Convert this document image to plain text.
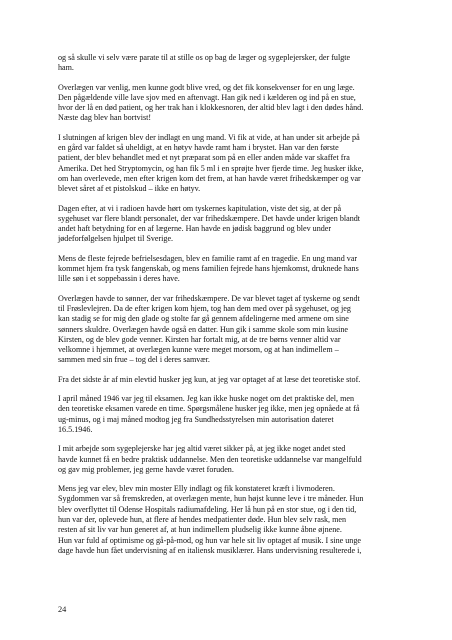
og så skulle vi selv være parate til at stille os op bag de læger og sygeplejersker, der fulgte
ham.

Overlægen var venlig, men kunne godt blive vred, og det fik konsekvenser for en ung læge.
Den pågældende ville lave sjov med en aftenvagt. Han gik ned i kælderen og ind på en stue,
hvor der lå en død patient, og her trak han i klokkesnoren, der altid blev lagt i den dødes hånd.
Næste dag blev han bortvist!

I slutningen af krigen blev der indlagt en ung mand. Vi fik at vide, at han under sit arbejde på
en gård var faldet så uheldigt, at en høtyv havde ramt ham i brystet. Han var den første
patient, der blev behandlet med et nyt præparat som på en eller anden måde var skaffet fra
Amerika. Det hed Stryptomycin, og han fik 5 ml i en sprøjte hver fjerde time. Jeg husker ikke,
om han overlevede, men efter krigen kom det frem, at han havde været frihedskæmper og var
blevet såret af et pistolskud – ikke en høtyv.

Dagen efter, at vi i radioen havde hørt om tyskernes kapitulation, viste det sig, at der på
sygehuset var flere blandt personalet, der var frihedskæmpere. Det havde under krigen blandt
andet haft betydning for en af lægerne. Han havde en jødisk baggrund og blev under
jødeforfølgelsen hjulpet til Sverige.

Mens de fleste fejrede befrielsesdagen, blev en familie ramt af en tragedie. En ung mand var
kommet hjem fra tysk fangenskab, og mens familien fejrede hans hjemkomst, druknede hans
lille søn i et soppebassin i deres have.

Overlægen havde to sønner, der var frihedskæmpere. De var blevet taget af tyskerne og sendt
til Frøslevlejren. Da de efter krigen kom hjem, tog han dem med over på sygehuset, og jeg
kan stadig se for mig den glade og stolte far gå gennem afdelingerne med armene om sine
sønners skuldre. Overlægen havde også en datter. Hun gik i samme skole som min kusine
Kirsten, og de blev gode venner. Kirsten har fortalt mig, at de tre børns venner altid var
velkomne i hjemmet, at overlægen kunne være meget morsom, og at han indimellem –
sammen med sin frue – tog del i deres samvær.

Fra det sidste år af min elevtid husker jeg kun, at jeg var optaget af at læse det teoretiske stof.

I april måned 1946 var jeg til eksamen. Jeg kan ikke huske noget om det praktiske del, men
den teoretiske eksamen varede en time. Spørgsmålene husker jeg ikke, men jeg opnåede at få
ug-minus, og i maj måned modtog jeg fra Sundhedsstyrelsen min autorisation dateret
16.5.1946.

I mit arbejde som sygeplejerske har jeg altid været sikker på, at jeg ikke noget andet sted
havde kunnet få en bedre praktisk uddannelse. Men den teoretiske uddannelse var mangelfuld
og gav mig problemer, jeg gerne havde været foruden.

Mens jeg var elev, blev min moster Elly indlagt og fik konstateret kræft i livmoderen.
Sygdommen var så fremskreden, at overlægen mente, hun højst kunne leve i tre måneder. Hun
blev overflyttet til Odense Hospitals radiumafdeling. Her lå hun på en stor stue, og i den tid,
hun var der, oplevede hun, at flere af hendes medpatienter døde. Hun blev selv rask, men
resten af sit liv var hun generet af, at hun indimellem pludselig ikke kunne åbne øjnene.
Hun var fuld af optimisme og gå-på-mod, og hun var hele sit liv optaget af musik. I sine unge
dage havde hun fået undervisning af en italiensk musiklærer. Hans undervisning resulterede i,

24
